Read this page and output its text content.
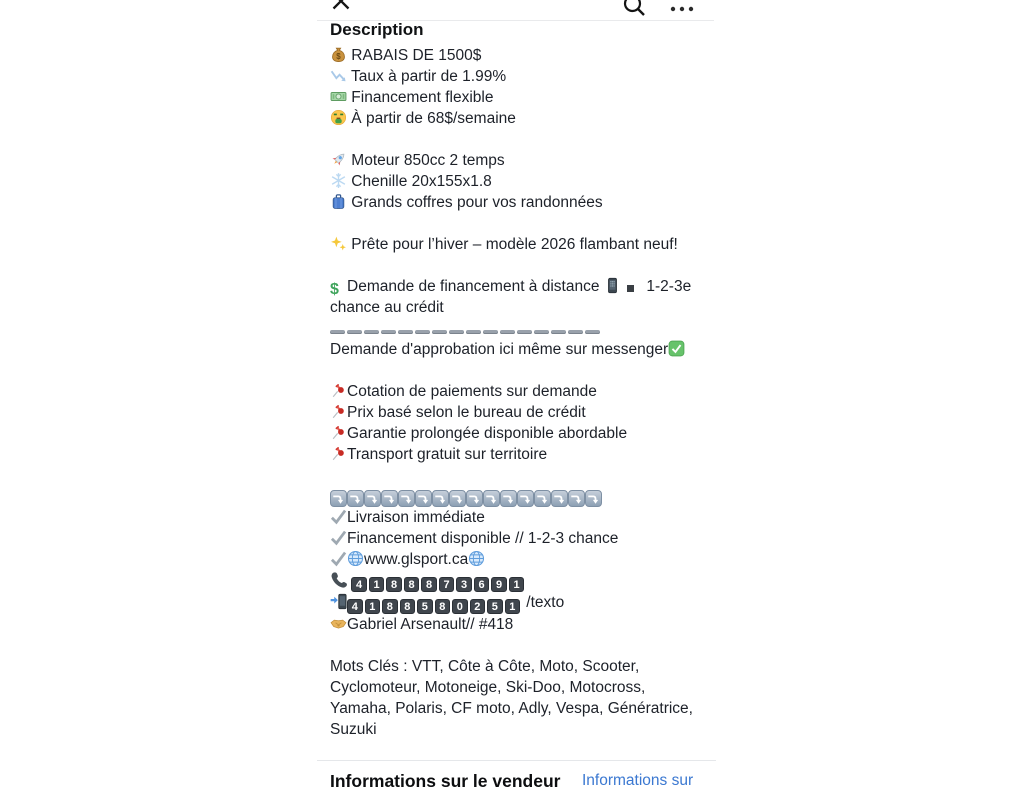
Description
$ RABAIS DE 1500$
Taux à partir de 1.99%
Financement flexible
À partir de 68$/semaine
Moteur 850cc 2 temps
Chenille 20x155x1.8
Grands coffres pour vos randonnées
Prête pour l’hiver – modèle 2026 flambant neuf!
$ Demande de financement à distance
1-2-3e chance au crédit
Demande d'approbation ici même sur messenger
Cotation de paiements sur demande
Prix basé selon le bureau de crédit
Garantie prolongée disponible abordable
Transport gratuit sur territoire
Livraison immédiate
Financement disponible // 1-2-3 chance
www.glsport.ca
4 1 8 8 8 7 3 6 9 1
4 1 8 8 5 8 0 2 5 1 /texto
Gabriel Arsenault// #418
Mots Clés : VTT, Côte à Côte, Moto, Scooter, Cyclomoteur, Motoneige, Ski-Doo, Motocross, Yamaha, Polaris, CF moto, Adly, Vespa, Génératrice, Suzuki
Informations sur le vendeur Informations sur
